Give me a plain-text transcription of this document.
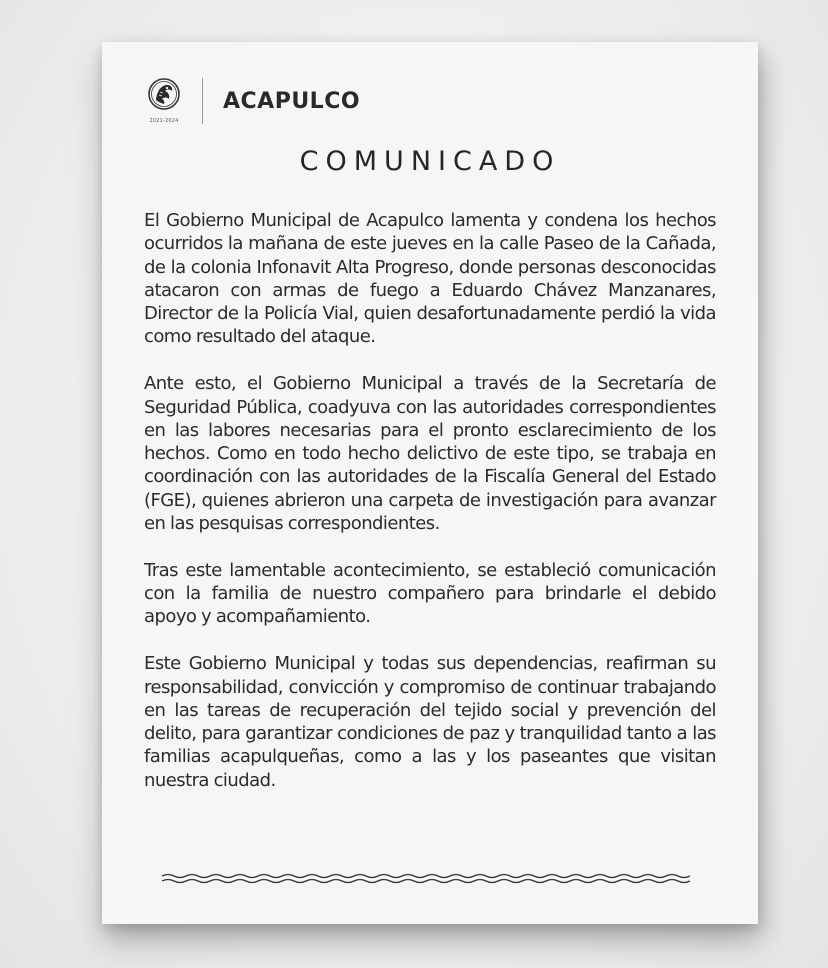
2021-2024
ACAPULCO
COMUNICADO

El Gobierno Municipal de Acapulco lamenta y condena los hechos ocurridos la mañana de este jueves en la calle Paseo de la Cañada, de la colonia Infonavit Alta Progreso, donde personas desconocidas atacaron con armas de fuego a Eduardo Chávez Manzanares, Director de la Policía Vial, quien desafortunadamente perdió la vida como resultado del ataque.

Ante esto, el Gobierno Municipal a través de la Secretaría de Seguridad Pública, coadyuva con las autoridades correspondientes en las labores necesarias para el pronto esclarecimiento de los hechos. Como en todo hecho delictivo de este tipo, se trabaja en coordinación con las autoridades de la Fiscalía General del Estado (FGE), quienes abrieron una carpeta de investigación para avanzar en las pesquisas correspondientes.

Tras este lamentable acontecimiento, se estableció comunicación con la familia de nuestro compañero para brindarle el debido apoyo y acompañamiento.

Este Gobierno Municipal y todas sus dependencias, reafirman su responsabilidad, convicción y compromiso de continuar trabajando en las tareas de recuperación del tejido social y prevención del delito, para garantizar condiciones de paz y tranquilidad tanto a las familias acapulqueñas, como a las y los paseantes que visitan nuestra ciudad.
